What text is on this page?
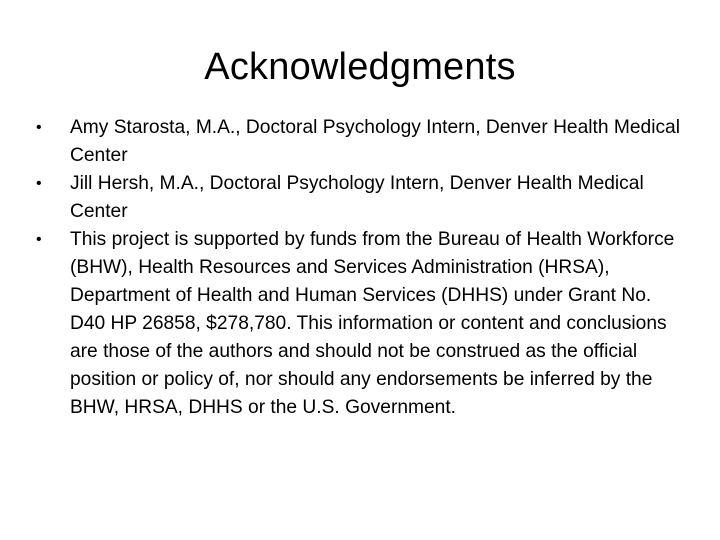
Acknowledgments
•	Amy Starosta, M.A., Doctoral Psychology Intern, Denver Health Medical Center
•	Jill Hersh, M.A., Doctoral Psychology Intern, Denver Health Medical Center
•	This project is supported by funds from the Bureau of Health Workforce (BHW), Health Resources and Services Administration (HRSA), Department of Health and Human Services (DHHS) under Grant No. D40 HP 26858, $278,780. This information or content and conclusions are those of the authors and should not be construed as the official position or policy of, nor should any endorsements be inferred by the BHW, HRSA, DHHS or the U.S. Government.
